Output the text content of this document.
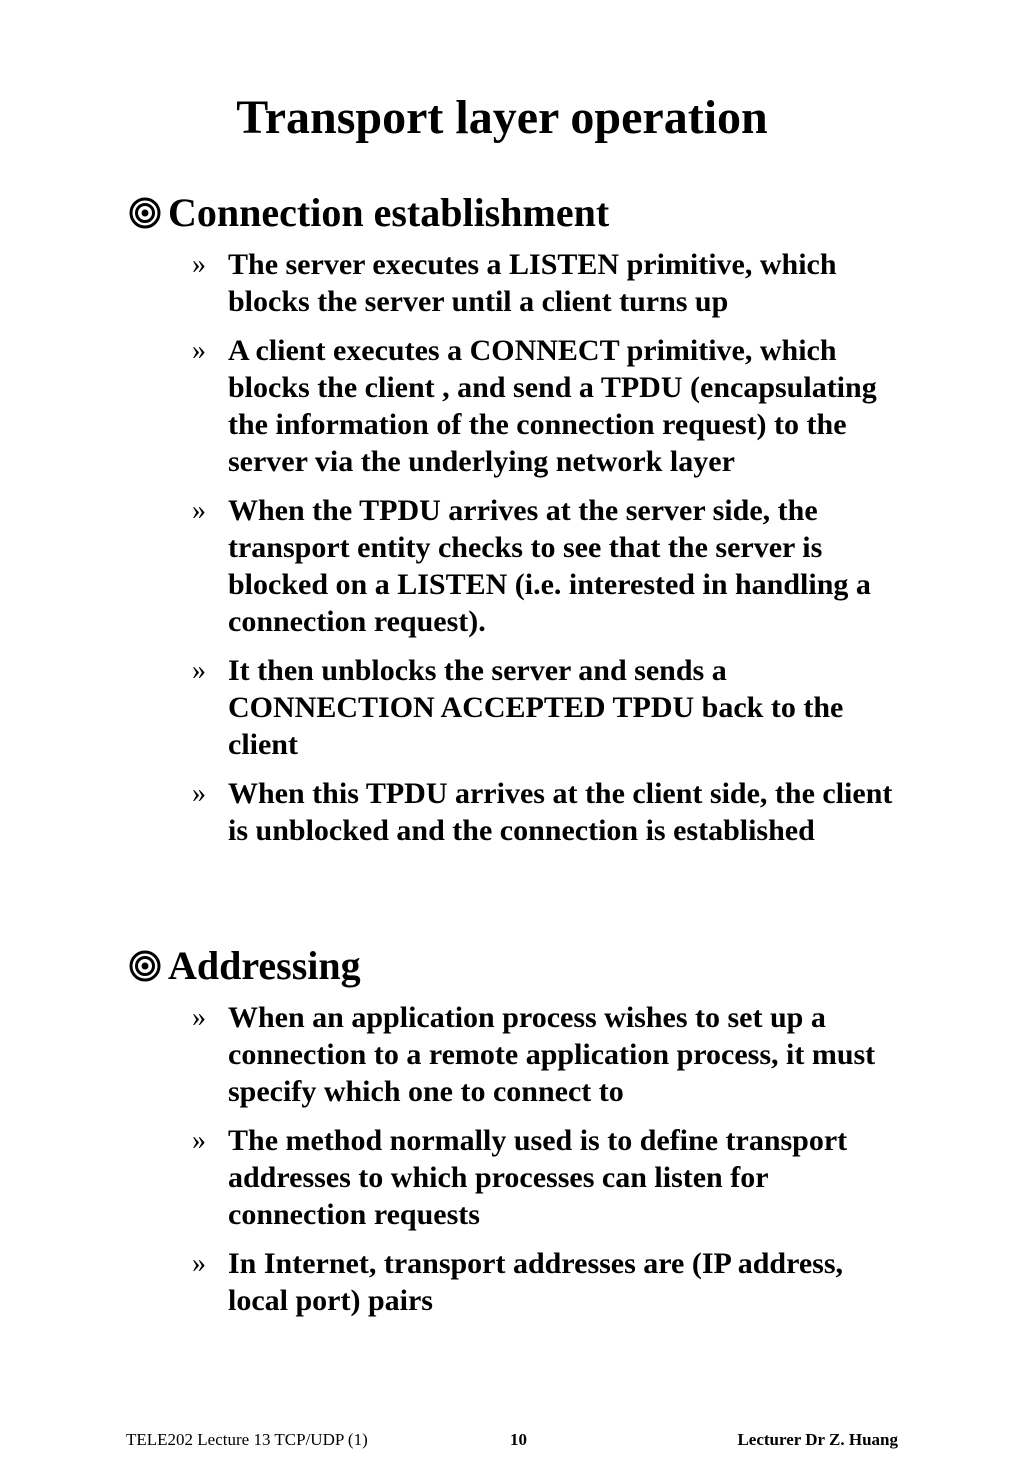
Transport layer operation
Connection establishment
» The server executes a LISTEN primitive, which blocks the server until a client turns up
» A client executes a CONNECT primitive, which blocks the client , and send a TPDU (encapsulating the information of the connection request) to the server via the underlying network layer
» When the TPDU arrives at the server side, the transport entity checks to see that the server is blocked on a LISTEN (i.e. interested in handling a connection request).
» It then unblocks the server and sends a CONNECTION ACCEPTED TPDU back to the client
» When this TPDU arrives at the client side, the client is unblocked and the connection is established
Addressing
» When an application process wishes to set up a connection to a remote application process, it must specify which one to connect to
» The method normally used is to define transport addresses to which processes can listen for connection requests
» In Internet, transport addresses are (IP address, local port) pairs
TELE202 Lecture 13 TCP/UDP (1)	10	Lecturer Dr Z. Huang
